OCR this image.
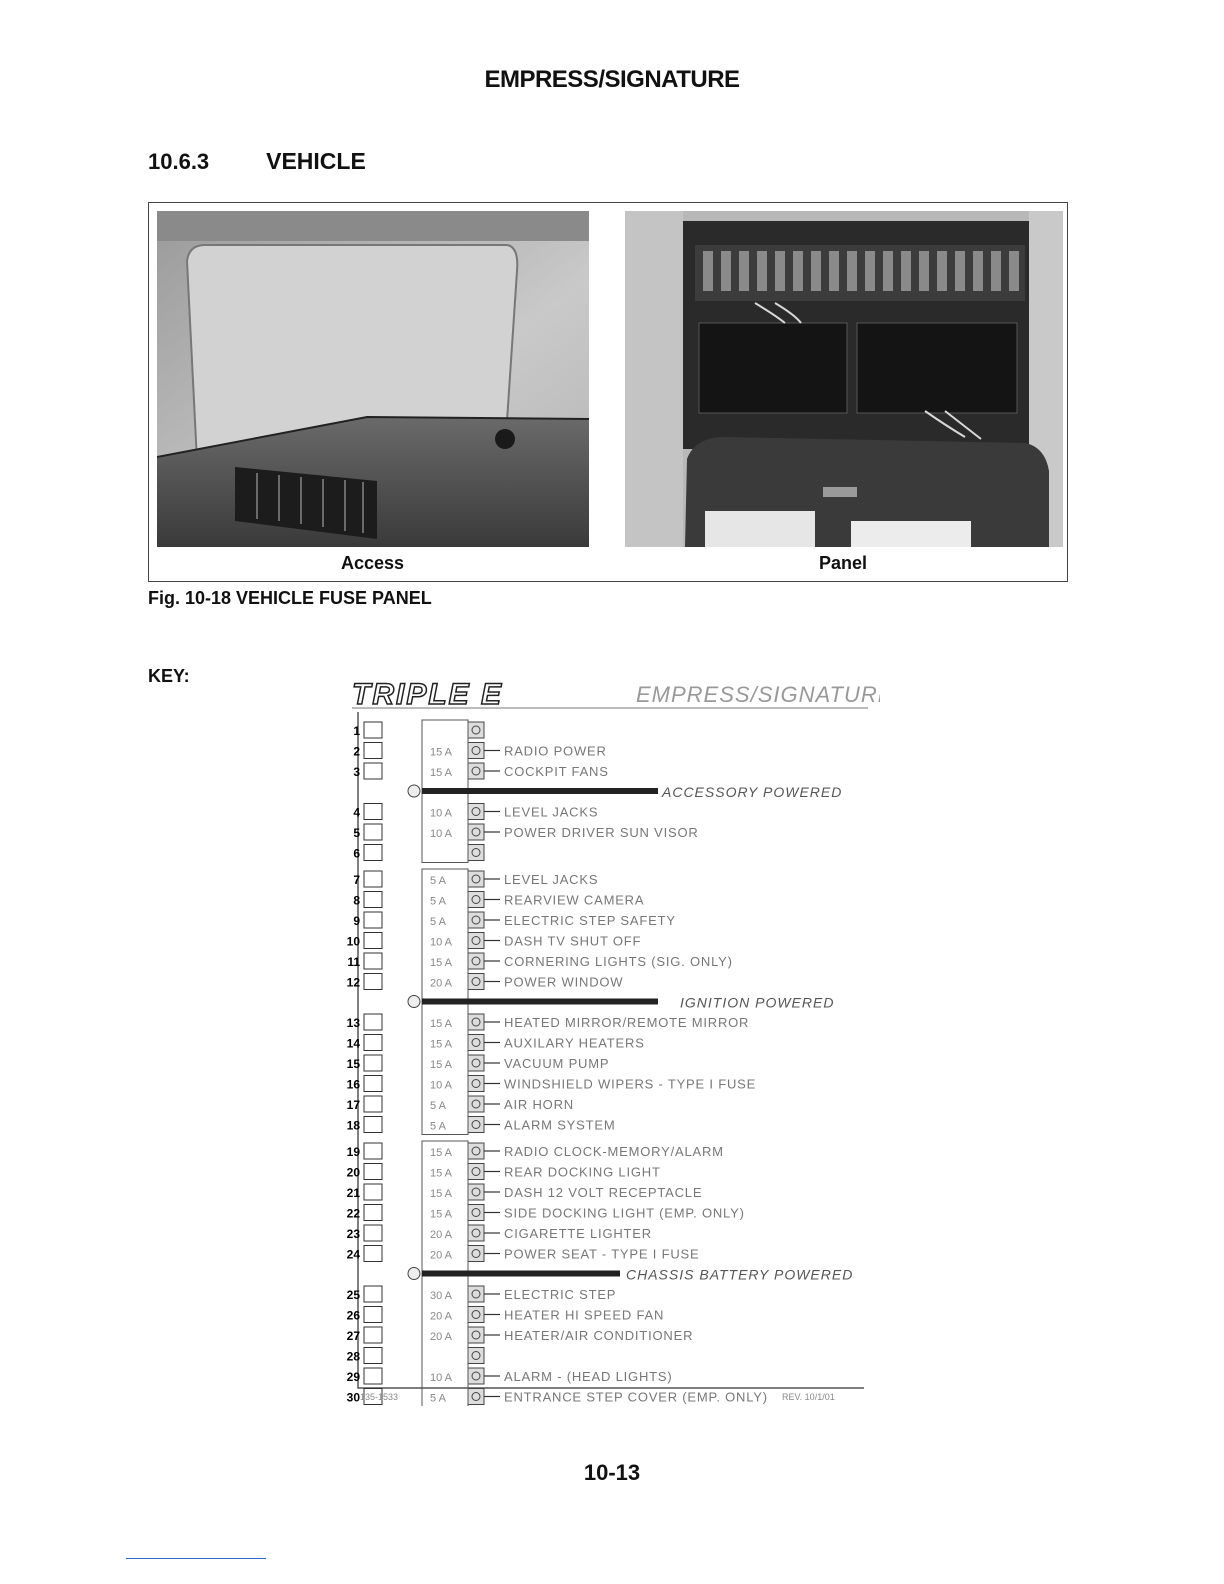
EMPRESS/SIGNATURE
10.6.3 VEHICLE
Access	Panel
Fig. 10-18 VEHICLE FUSE PANEL
KEY:
TRIPLE E	EMPRESS/SIGNATURE
1
2	15 A	RADIO POWER
3	15 A	COCKPIT FANS
4	10 A	LEVEL JACKS
5	10 A	POWER DRIVER SUN VISOR
6
7	5 A	LEVEL JACKS
8	5 A	REARVIEW CAMERA
9	5 A	ELECTRIC STEP SAFETY
10	10 A	DASH TV SHUT OFF
11	15 A	CORNERING LIGHTS (SIG. ONLY)
12	20 A	POWER WINDOW
13	15 A	HEATED MIRROR/REMOTE MIRROR
14	15 A	AUXILARY HEATERS
15	15 A	VACUUM PUMP
16	10 A	WINDSHIELD WIPERS - TYPE I FUSE
17	5 A	AIR HORN
18	5 A	ALARM SYSTEM
19	15 A	RADIO CLOCK-MEMORY/ALARM
20	15 A	REAR DOCKING LIGHT
21	15 A	DASH 12 VOLT RECEPTACLE
22	15 A	SIDE DOCKING LIGHT (EMP. ONLY)
23	20 A	CIGARETTE LIGHTER
24	20 A	POWER SEAT - TYPE I FUSE
25	30 A	ELECTRIC STEP
26	20 A	HEATER HI SPEED FAN
27	20 A	HEATER/AIR CONDITIONER
28
29	10 A	ALARM - (HEAD LIGHTS)
30	5 A	ENTRANCE STEP COVER (EMP. ONLY)
ACCESSORY POWERED
IGNITION POWERED
CHASSIS BATTERY POWERED
135-1533	REV. 10/1/01
10-13
